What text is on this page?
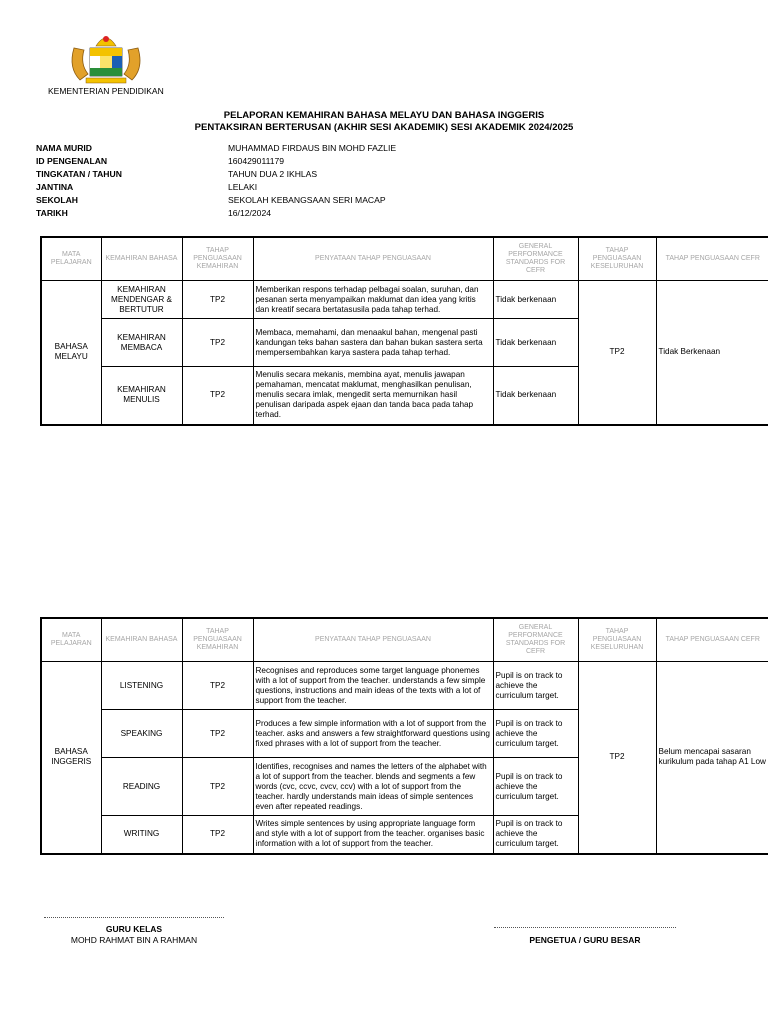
KEMENTERIAN PENDIDIKAN
PELAPORAN KEMAHIRAN BAHASA MELAYU DAN BAHASA INGGERIS
PENTAKSIRAN BERTERUSAN (AKHIR SESI AKADEMIK) SESI AKADEMIK 2024/2025
NAMA MURID	MUHAMMAD FIRDAUS BIN MOHD FAZLIE
ID PENGENALAN	160429011179
TINGKATAN / TAHUN	TAHUN DUA 2 IKHLAS
JANTINA	LELAKI
SEKOLAH	SEKOLAH KEBANGSAAN SERI MACAP
TARIKH	16/12/2024
MATA PELAJARAN	KEMAHIRAN BAHASA	TAHAP PENGUASAAN KEMAHIRAN	PENYATAAN TAHAP PENGUASAAN	GENERAL PERFORMANCE STANDARDS FOR CEFR	TAHAP PENGUASAAN KESELURUHAN	TAHAP PENGUASAAN CEFR
BAHASA MELAYU	KEMAHIRAN MENDENGAR & BERTUTUR	TP2	Memberikan respons terhadap pelbagai soalan, suruhan, dan pesanan serta menyampaikan maklumat dan idea yang kritis dan kreatif secara bertatasusila pada tahap terhad.	Tidak berkenaan	TP2	Tidak Berkenaan
	KEMAHIRAN MEMBACA	TP2	Membaca, memahami, dan menaakul bahan, mengenal pasti kandungan teks bahan sastera dan bahan bukan sastera serta mempersembahkan karya sastera pada tahap terhad.	Tidak berkenaan		
	KEMAHIRAN MENULIS	TP2	Menulis secara mekanis, membina ayat, menulis jawapan pemahaman, mencatat maklumat, menghasilkan penulisan, menulis secara imlak, mengedit serta memurnikan hasil penulisan daripada aspek ejaan dan tanda baca pada tahap terhad.	Tidak berkenaan		
MATA PELAJARAN	KEMAHIRAN BAHASA	TAHAP PENGUASAAN KEMAHIRAN	PENYATAAN TAHAP PENGUASAAN	GENERAL PERFORMANCE STANDARDS FOR CEFR	TAHAP PENGUASAAN KESELURUHAN	TAHAP PENGUASAAN CEFR
BAHASA INGGERIS	LISTENING	TP2	Recognises and reproduces some target language phonemes with a lot of support from the teacher. understands a few simple questions, instructions and main ideas of the texts with a lot of support from the teacher.	Pupil is on track to achieve the curriculum target.	TP2	Belum mencapai sasaran kurikulum pada tahap A1 Low
	SPEAKING	TP2	Produces a few simple information with a lot of support from the teacher. asks and answers a few straightforward questions using fixed phrases with a lot of support from the teacher.	Pupil is on track to achieve the curriculum target.		
	READING	TP2	Identifies, recognises and names the letters of the alphabet with a lot of support from the teacher. blends and segments a few words (cvc, ccvc, cvcv, ccv) with a lot of support from the teacher. hardly understands main ideas of simple sentences even after repeated readings.	Pupil is on track to achieve the curriculum target.		
	WRITING	TP2	Writes simple sentences by using appropriate language form and style with a lot of support from the teacher. organises basic information with a lot of support from the teacher.	Pupil is on track to achieve the curriculum target.		
GURU KELAS
MOHD RAHMAT BIN A RAHMAN	PENGETUA / GURU BESAR
